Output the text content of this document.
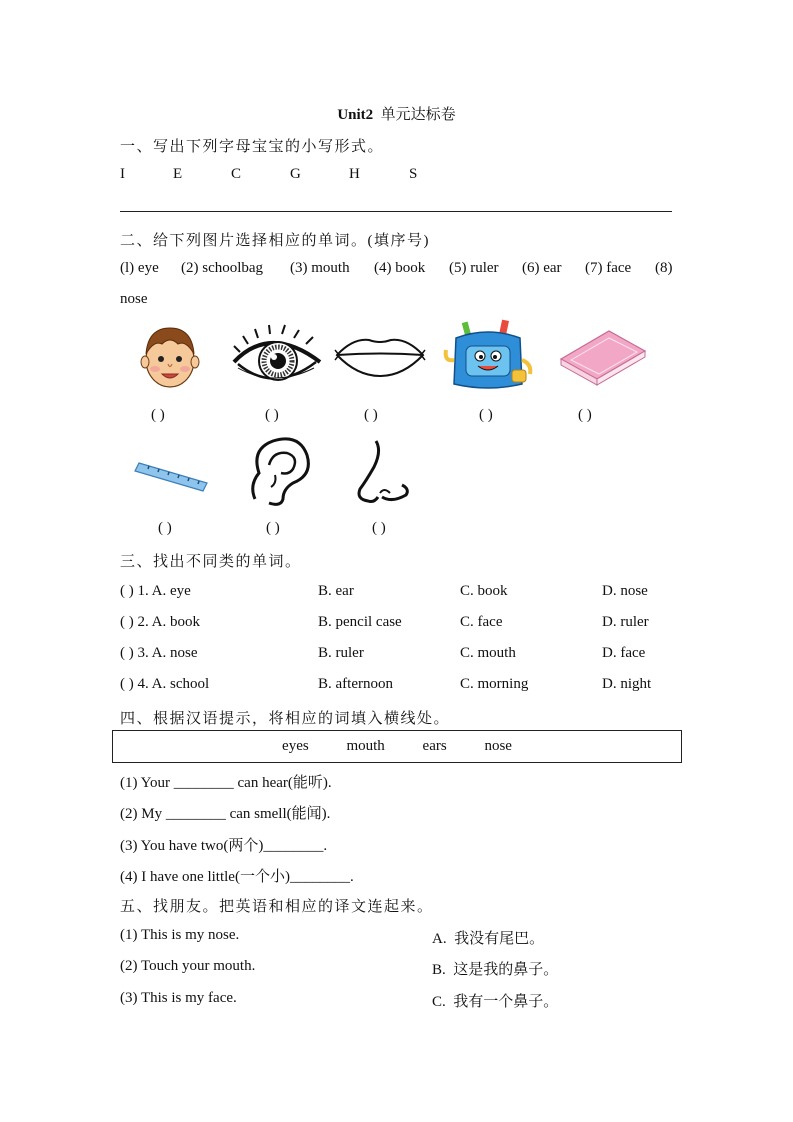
Unit2 单元达标卷
一、写出下列字母宝宝的小写形式。
I	E	C	G	H	S
二、给下列图片选择相应的单词。(填序号)
(l) eye (2) schoolbag (3) mouth (4) book (5) ruler (6) ear (7) face (8)
nose
( )	( )	( )	( )	( )
( )	( )	( )
三、找出不同类的单词。
( ) 1. A. eye	B. ear	C. book	D. nose
( ) 2. A. book	B. pencil case	C. face	D. ruler
( ) 3. A. nose	B. ruler	C. mouth	D. face
( ) 4. A. school	B. afternoon	C. morning	D. night
四、根据汉语提示，将相应的词填入横线处。
eyes	mouth	ears	nose
(1) Your ________ can hear(能听).
(2) My ________ can smell(能闻).
(3) You have two(两个)________.
(4) I have one little(一个小)________.
五、找朋友。把英语和相应的译文连起来。
(1) This is my nose.
(2) Touch your mouth.
(3) This is my face.
A.  我没有尾巴。
B.  这是我的鼻子。
C.  我有一个鼻子。
